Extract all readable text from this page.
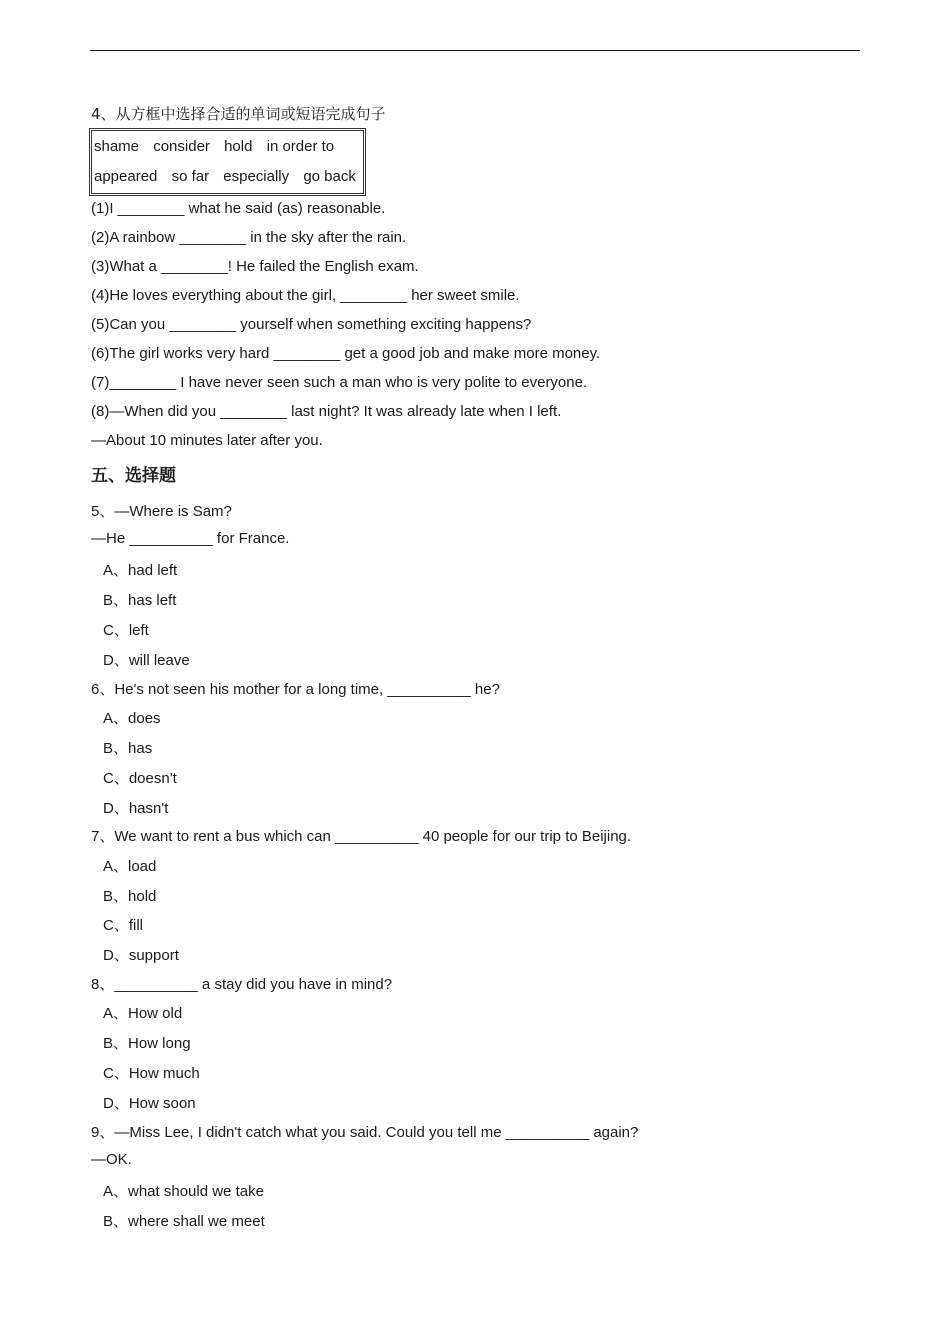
4、从方框中选择合适的单词或短语完成句子
shame consider hold in order to
appeared so far especially go back
(1)I ________ what he said (as) reasonable.
(2)A rainbow ________ in the sky after the rain.
(3)What a ________! He failed the English exam.
(4)He loves everything about the girl, ________ her sweet smile.
(5)Can you ________ yourself when something exciting happens?
(6)The girl works very hard ________ get a good job and make more money.
(7)________ I have never seen such a man who is very polite to everyone.
(8)—When did you ________ last night? It was already late when I left.
—About 10 minutes later after you.
五、选择题
5、—Where is Sam?
—He __________ for France.
A、had left
B、has left
C、left
D、will leave
6、He's not seen his mother for a long time, __________ he?
A、does
B、has
C、doesn't
D、hasn't
7、We want to rent a bus which can __________ 40 people for our trip to Beijing.
A、load
B、hold
C、fill
D、support
8、__________ a stay did you have in mind?
A、How old
B、How long
C、How much
D、How soon
9、—Miss Lee, I didn't catch what you said. Could you tell me __________ again?
—OK.
A、what should we take
B、where shall we meet
